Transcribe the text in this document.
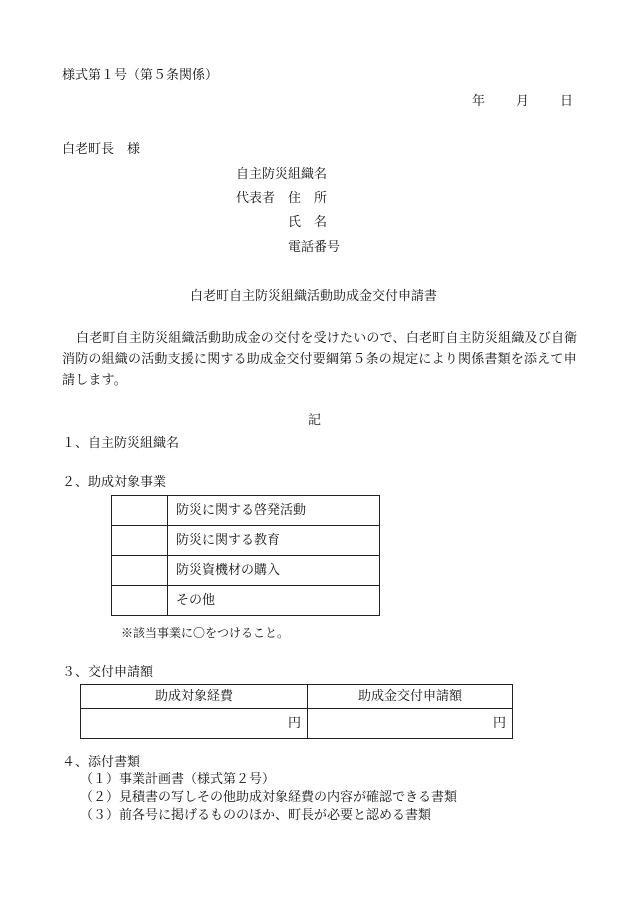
様式第１号（第５条関係）
年 月 日
白老町長　様
自主防災組織名
代表者 住　所
氏　名
電話番号
白老町自主防災組織活動助成金交付申請書
白老町自主防災組織活動助成金の交付を受けたいので、白老町自主防災組織及び自衛消防の組織の活動支援に関する助成金交付要綱第５条の規定により関係書類を添えて申請します。
記
１、自主防災組織名
２、助成対象事業
	防災に関する啓発活動
	防災に関する教育
	防災資機材の購入
	その他
※該当事業に〇をつけること。
３、交付申請額
助成対象経費	助成金交付申請額
円	円
４、添付書類
（１）事業計画書（様式第２号）
（２）見積書の写しその他助成対象経費の内容が確認できる書類
（３）前各号に掲げるもののほか、町長が必要と認める書類
